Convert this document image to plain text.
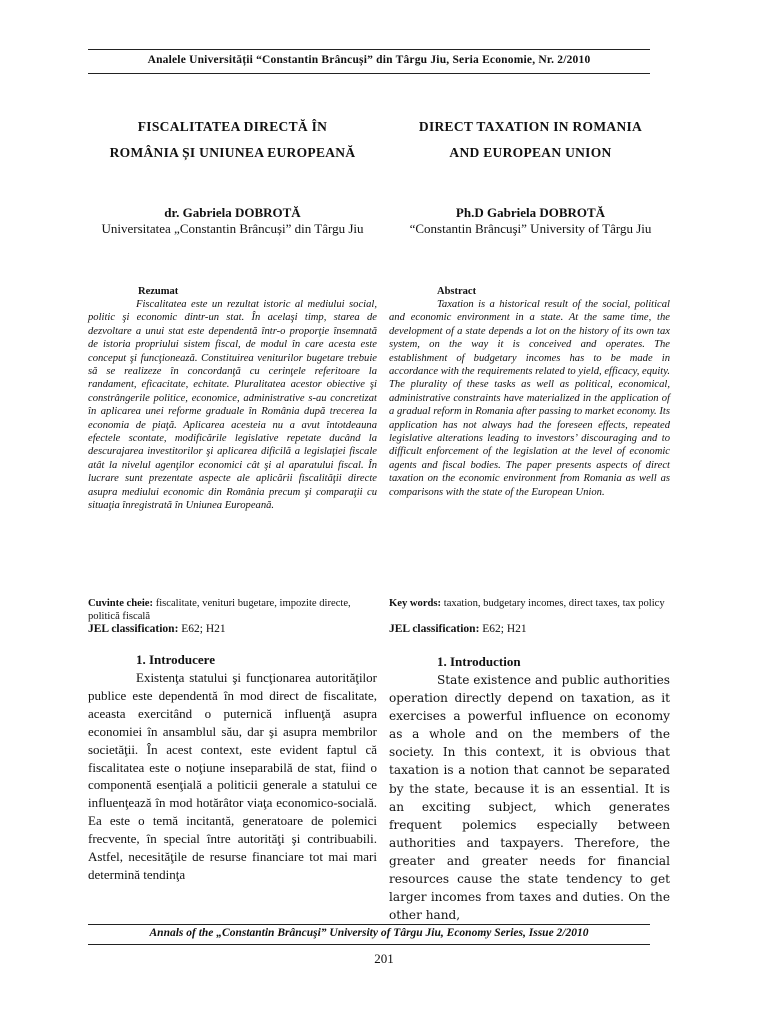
Analele Universității “Constantin Brâncuși” din Târgu Jiu, Seria Economie, Nr. 2/2010
FISCALITATEA DIRECTĂ ÎN
ROMÂNIA ȘI UNIUNEA EUROPEANĂ
dr. Gabriela DOBROTĂ
Universitatea „Constantin Brâncuși” din Târgu Jiu
Rezumat

Fiscalitatea este un rezultat istoric al mediului social, politic şi economic dintr-un stat. În acelaşi timp, starea de dezvoltare a unui stat este dependentă într-o proporţie însemnată de istoria propriului sistem fiscal, de modul în care acesta este conceput şi funcţionează. Constituirea veniturilor bugetare trebuie să se realizeze în concordanţă cu cerinţele referitoare la randament, eficacitate, echitate. Pluralitatea acestor obiective şi constrângerile politice, economice, administrative s-au concretizat în aplicarea unei reforme graduale în România după trecerea la economia de piaţă. Aplicarea acesteia nu a avut întotdeauna efectele scontate, modificările legislative repetate ducând la descurajarea investitorilor şi aplicarea dificilă a legislaţiei fiscale atât la nivelul agenţilor economici cât şi al aparatului fiscal. În lucrare sunt prezentate aspecte ale aplicării fiscalităţii directe asupra mediului economic din România precum şi comparaţii cu situaţia înregistrată în Uniunea Europeană.

Cuvinte cheie: fiscalitate, venituri bugetare, impozite directe, politică fiscală
JEL classification: E62; H21
1. Introducere

Existenţa statului şi funcţionarea autorităţilor publice este dependentă în mod direct de fiscalitate, aceasta exercitând o puternică influenţă asupra economiei în ansamblul său, dar şi asupra membrilor societăţii. În acest context, este evident faptul că fiscalitatea este o noţiune inseparabilă de stat, fiind o componentă esenţială a politicii generale a statului ce influenţează în mod hotărâtor viaţa economico-socială. Ea este o temă incitantă, generatoare de polemici frecvente, în special între autorităţi şi contribuabili. Astfel, necesităţile de resurse financiare tot mai mari determină tendinţa

DIRECT TAXATION IN ROMANIA
AND EUROPEAN UNION
Ph.D Gabriela DOBROTĂ
“Constantin Brâncuşi” University of Târgu Jiu
Abstract

Taxation is a historical result of the social, political and economic environment in a state. At the same time, the development of a state depends a lot on the history of its own tax system, on the way it is conceived and operates. The establishment of budgetary incomes has to be made in accordance with the requirements related to yield, efficacy, equity. The plurality of these tasks as well as political, economical, administrative constraints have materialized in the application of a gradual reform in Romania after passing to market economy. Its application has not always had the foreseen effects, repeated legislative alterations leading to investors’ discouraging and to difficult enforcement of the legislation at the level of economic agents and fiscal bodies. The paper presents aspects of direct taxation on the economic environment from Romania as well as comparisons with the state of the European Union.

Key words: taxation, budgetary incomes, direct taxes, tax policy
JEL classification: E62; H21
1. Introduction

State existence and public authorities operation directly depend on taxation, as it exercises a powerful influence on economy as a whole and on the members of the society. In this context, it is obvious that taxation is a notion that cannot be separated by the state, because it is an essential. It is an exciting subject, which generates frequent polemics especially between authorities and taxpayers. Therefore, the greater and greater needs for financial resources cause the state tendency to get larger incomes from taxes and duties. On the other hand,

Annals of the „Constantin Brâncuşi” University of Târgu Jiu, Economy Series, Issue 2/2010
201
